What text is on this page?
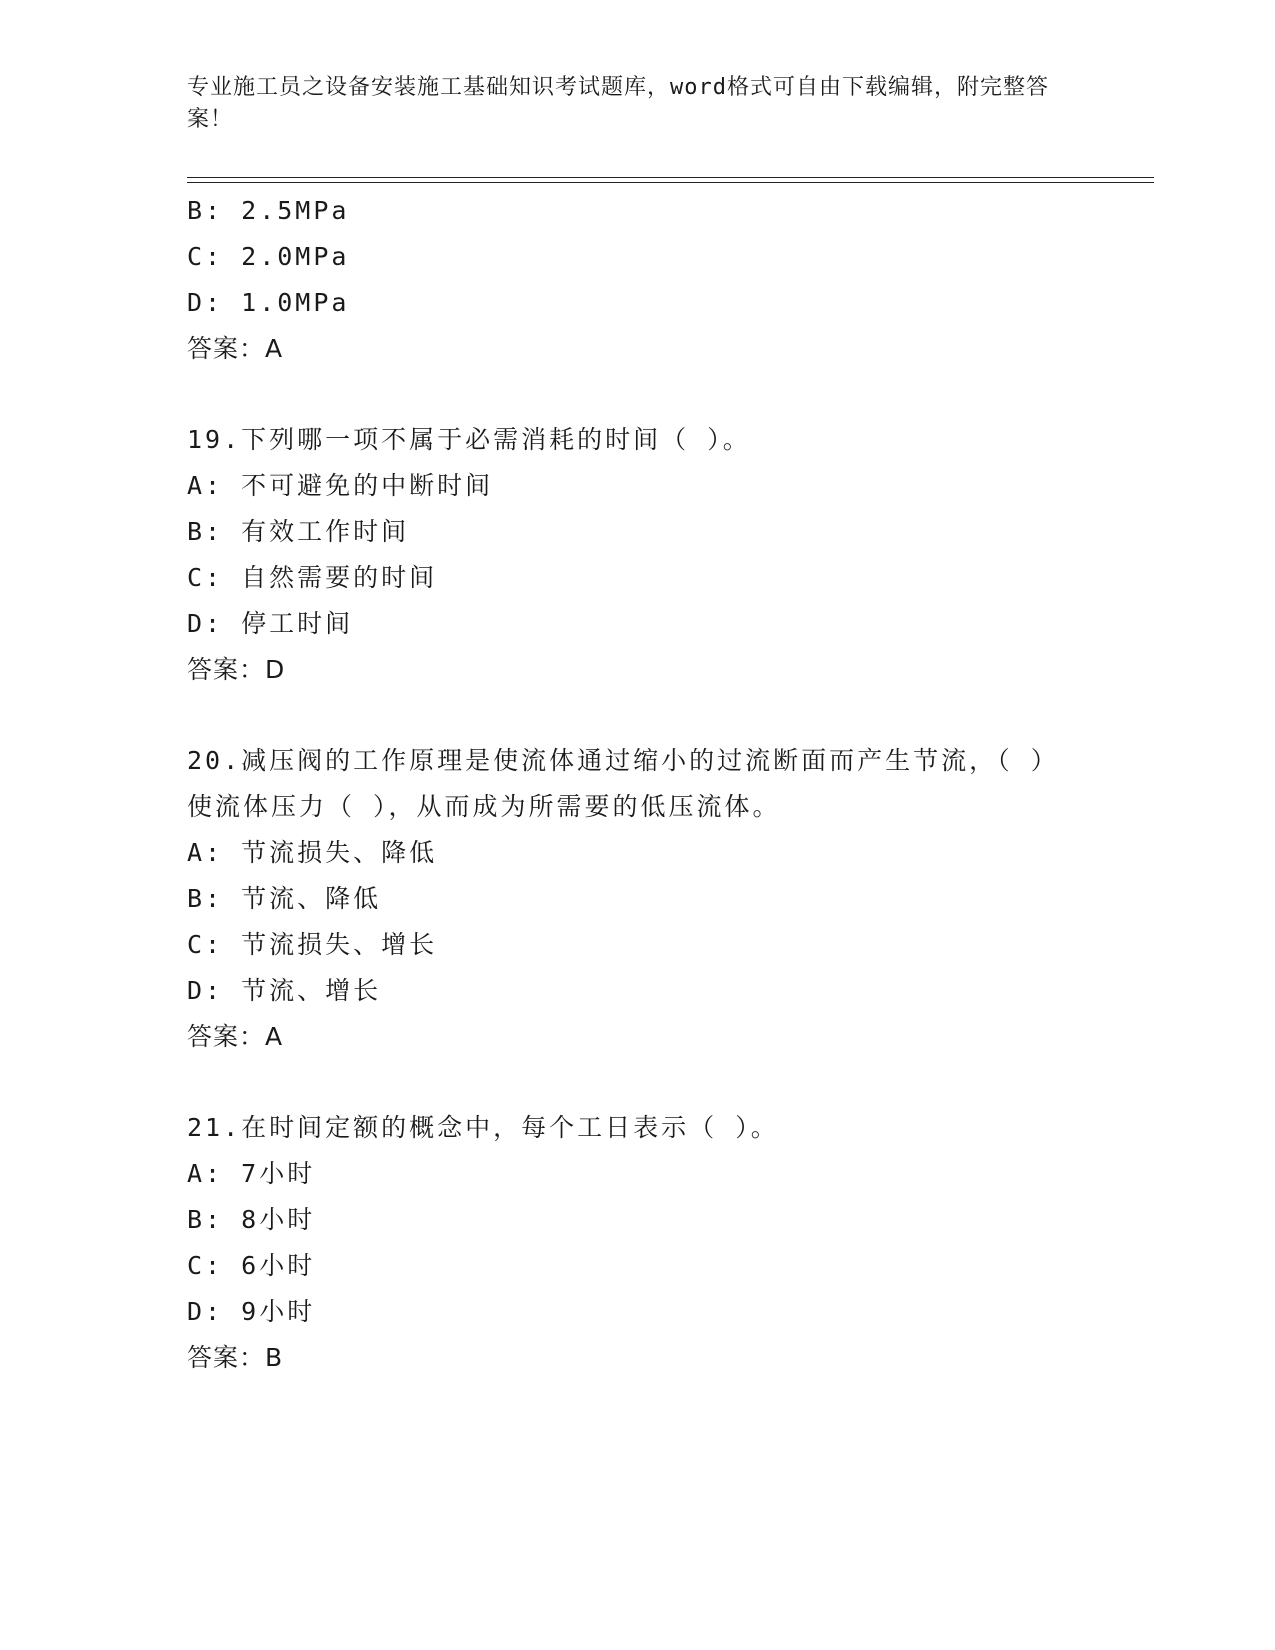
专业施工员之设备安装施工基础知识考试题库，word格式可自由下载编辑，附完整答案！
B: 2.5MPa
C: 2.0MPa
D: 1.0MPa
答案：A
19.下列哪一项不属于必需消耗的时间（ ）。
A: 不可避免的中断时间
B: 有效工作时间
C: 自然需要的时间
D: 停工时间
答案：D
20.减压阀的工作原理是使流体通过缩小的过流断面而产生节流，（ ）使流体压力（ ），从而成为所需要的低压流体。
A: 节流损失、降低
B: 节流、降低
C: 节流损失、增长
D: 节流、增长
答案：A
21.在时间定额的概念中，每个工日表示（ ）。
A: 7小时
B: 8小时
C: 6小时
D: 9小时
答案：B
